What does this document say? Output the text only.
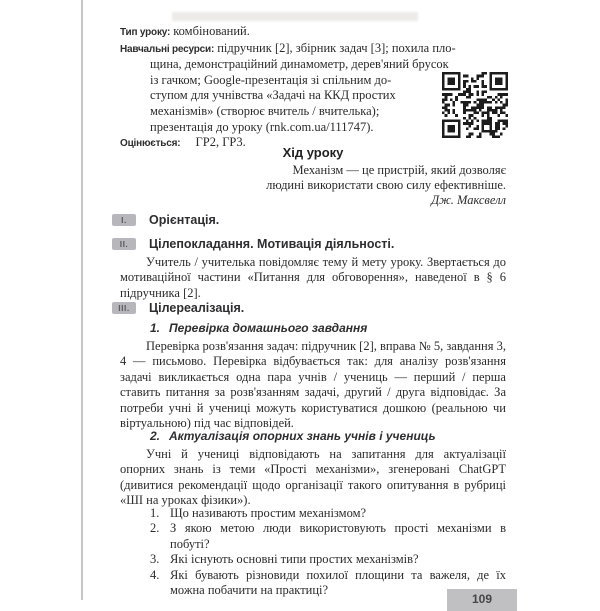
Тип уроку: комбінований.
Навчальні ресурси: підручник [2], збірник задач [3]; похила пло-
щина, демонстраційний динамометр, дерев'яний брусок
із гачком; Google-презентація зі спільним до-
ступом для учнівства «Задачі на ККД простих
механізмів» (створює вчитель / вчителька);
презентація до уроку (rnk.com.ua/111747).
Оцінюється: ГР2, ГР3.
Хід уроку
Механізм — це пристрій, який дозволяє
людині використати свою силу ефективніше.
Дж. Максвелл
I.	Орієнтація.
II.	Цілепокладання. Мотивація діяльності.
Учитель / учителька повідомляє тему й мету уроку. Звертається до мотиваційної частини «Питання для обговорення», наведеної в § 6 підручника [2].
III.	Цілереалізація.
1. Перевірка домашнього завдання
Перевірка розв'язання задач: підручник [2], вправа № 5, завдання 3, 4 — письмово. Перевірка відбувається так: для аналізу розв'язання задачі викликається одна пара учнів / учениць — перший / перша ставить питання за розв'язанням задачі, другий / друга відповідає. За потреби учні й учениці можуть користуватися дошкою (реальною чи віртуальною) під час відповідей.
2. Актуалізація опорних знань учнів і учениць
Учні й учениці відповідають на запитання для актуалізації опорних знань із теми «Прості механізми», згенеровані ChatGPT (дивитися рекомендації щодо організації такого опитування в рубриці «ШІ на уроках фізики»).
1. Що називають простим механізмом?
2. З якою метою люди використовують прості механізми в побуті?
3. Які існують основні типи простих механізмів?
4. Які бувають різновиди похилої площини та важеля, де їх можна побачити на практиці?
109
